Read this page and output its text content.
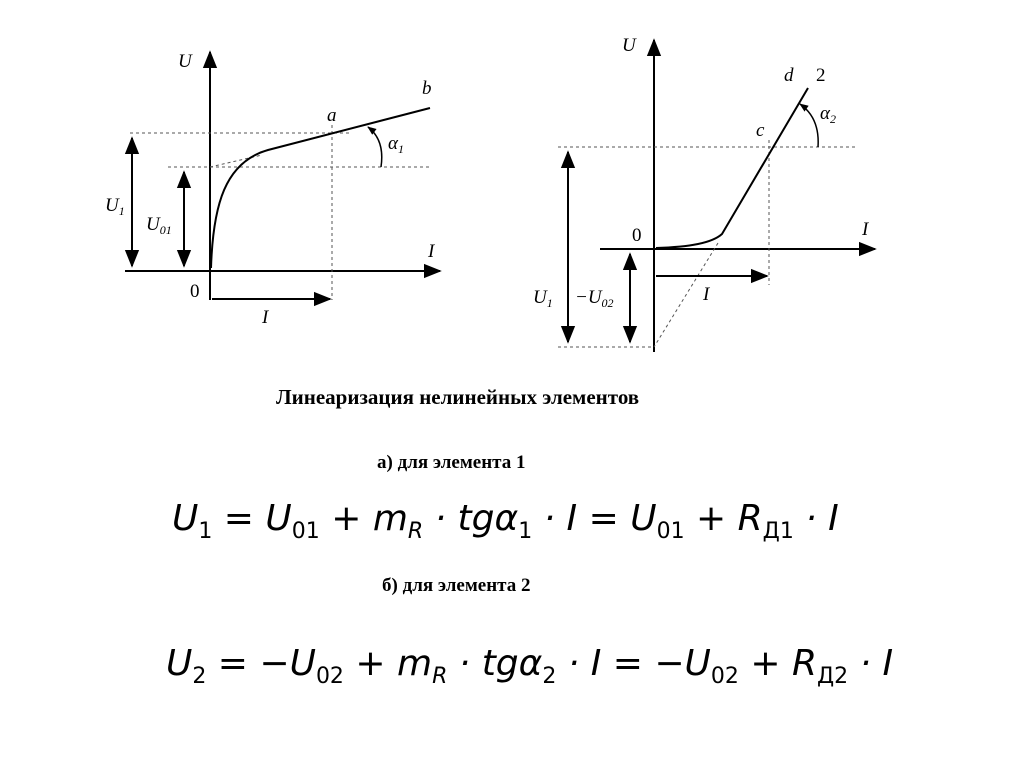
U
I
0
a
b
$\alpha_1$
$U_1$
$U_{01}$
I
U
I
0
c
d 2
$\alpha_2$
$U_1 -U_{02}$	I
Линеаризация нелинейных элементов
а) для элемента 1
б) для элемента 2
$U_1 = U_{01} + m_R \cdot tg\alpha_1 \cdot I = U_{01} + R_{Д1} \cdot I$
$U_2 = -U_{02} + m_R \cdot tg\alpha_2 \cdot I = -U_{02} + R_{Д2} \cdot I$
